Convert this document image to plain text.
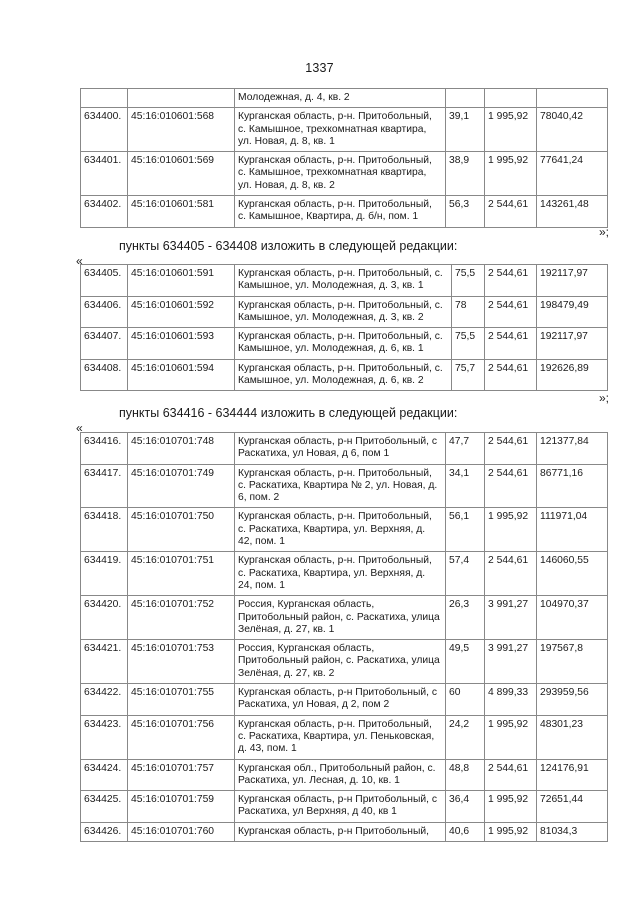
1337
		Молодежная, д. 4, кв. 2			
634400.	45:16:010601:568	Курганская область, р-н. Притобольный, с. Камышное, трехкомнатная квартира, ул. Новая, д. 8, кв. 1	39,1	1 995,92	78040,42
634401.	45:16:010601:569	Курганская область, р-н. Притобольный, с. Камышное, трехкомнатная квартира, ул. Новая, д. 8, кв. 2	38,9	1 995,92	77641,24
634402.	45:16:010601:581	Курганская область, р-н. Притобольный, с. Камышное, Квартира, д. б/н, пом. 1	56,3	2 544,61	143261,48
»;
пункты 634405 - 634408 изложить в следующей редакции:
«
634405.	45:16:010601:591	Курганская область, р-н. Притобольный, с. Камышное, ул. Молодежная, д. 3, кв. 1	75,5	2 544,61	192117,97
634406.	45:16:010601:592	Курганская область, р-н. Притобольный, с. Камышное, ул. Молодежная, д. 3, кв. 2	78	2 544,61	198479,49
634407.	45:16:010601:593	Курганская область, р-н. Притобольный, с. Камышное, ул. Молодежная, д. 6, кв. 1	75,5	2 544,61	192117,97
634408.	45:16:010601:594	Курганская область, р-н. Притобольный, с. Камышное, ул. Молодежная, д. 6, кв. 2	75,7	2 544,61	192626,89
»;
пункты 634416 - 634444 изложить в следующей редакции:
«
634416.	45:16:010701:748	Курганская область, р-н Притобольный, с Раскатиха, ул Новая, д 6, пом 1	47,7	2 544,61	121377,84
634417.	45:16:010701:749	Курганская область, р-н. Притобольный, с. Раскатиха, Квартира № 2, ул. Новая, д. 6, пом. 2	34,1	2 544,61	86771,16
634418.	45:16:010701:750	Курганская область, р-н. Притобольный, с. Раскатиха, Квартира, ул. Верхняя, д. 42, пом. 1	56,1	1 995,92	111971,04
634419.	45:16:010701:751	Курганская область, р-н. Притобольный, с. Раскатиха, Квартира, ул. Верхняя, д. 24, пом. 1	57,4	2 544,61	146060,55
634420.	45:16:010701:752	Россия, Курганская область, Притобольный район, с. Раскатиха, улица Зелёная, д. 27, кв. 1	26,3	3 991,27	104970,37
634421.	45:16:010701:753	Россия, Курганская область, Притобольный район, с. Раскатиха, улица Зелёная, д. 27, кв. 2	49,5	3 991,27	197567,8
634422.	45:16:010701:755	Курганская область, р-н Притобольный, с Раскатиха, ул Новая, д 2, пом 2	60	4 899,33	293959,56
634423.	45:16:010701:756	Курганская область, р-н. Притобольный, с. Раскатиха, Квартира, ул. Пеньковская, д. 43, пом. 1	24,2	1 995,92	48301,23
634424.	45:16:010701:757	Курганская обл., Притобольный район, с. Раскатиха, ул. Лесная, д. 10, кв. 1	48,8	2 544,61	124176,91
634425.	45:16:010701:759	Курганская область, р-н Притобольный, с Раскатиха, ул Верхняя, д 40, кв 1	36,4	1 995,92	72651,44
634426.	45:16:010701:760	Курганская область, р-н Притобольный,	40,6	1 995,92	81034,3
